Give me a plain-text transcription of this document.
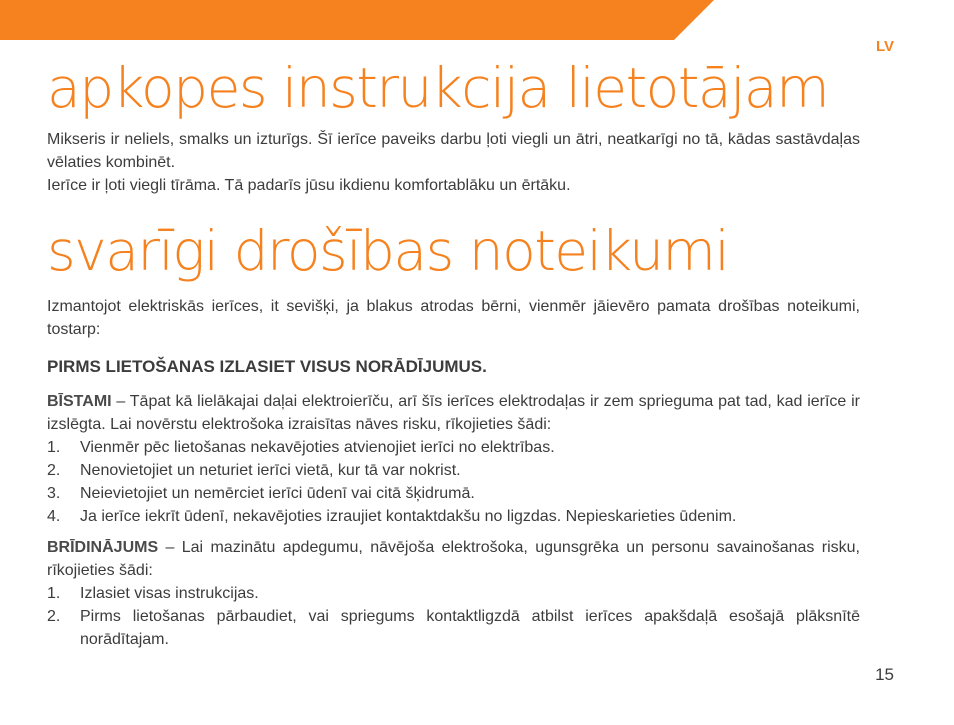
LV
apkopes instrukcija lietotājam

Mikseris ir neliels, smalks un izturīgs. Šī ierīce paveiks darbu ļoti viegli un ātri, neatkarīgi no tā, kādas sastāvdaļas vēlaties kombinēt.

Ierīce ir ļoti viegli tīrāma. Tā padarīs jūsu ikdienu komfortablāku un ērtāku.

svarīgi drošības noteikumi

Izmantojot elektriskās ierīces, it sevišķi, ja blakus atrodas bērni, vienmēr jāievēro pamata drošības noteikumi, tostarp:

PIRMS LIETOŠANAS IZLASIET VISUS NORĀDĪJUMUS.

BĪSTAMI – Tāpat kā lielākajai daļai elektroierīču, arī šīs ierīces elektrodaļas ir zem sprieguma pat tad, kad ierīce ir izslēgta. Lai novērstu elektrošoka izraisītas nāves risku, rīkojieties šādi:

1.	Vienmēr pēc lietošanas nekavējoties atvienojiet ierīci no elektrības.
2.	Nenovietojiet un neturiet ierīci vietā, kur tā var nokrist.
3.	Neievietojiet un nemērciet ierīci ūdenī vai citā šķidrumā.
4.	Ja ierīce iekrīt ūdenī, nekavējoties izraujiet kontaktdakšu no ligzdas. Nepieskarieties ūdenim.

BRĪDINĀJUMS – Lai mazinātu apdegumu, nāvējoša elektrošoka, ugunsgrēka un personu savainošanas risku, rīkojieties šādi:

1.	Izlasiet visas instrukcijas.
2.	Pirms lietošanas pārbaudiet, vai spriegums kontaktligzdā atbilst ierīces apakšdaļā esošajā plāksnītē norādītajam.
15
